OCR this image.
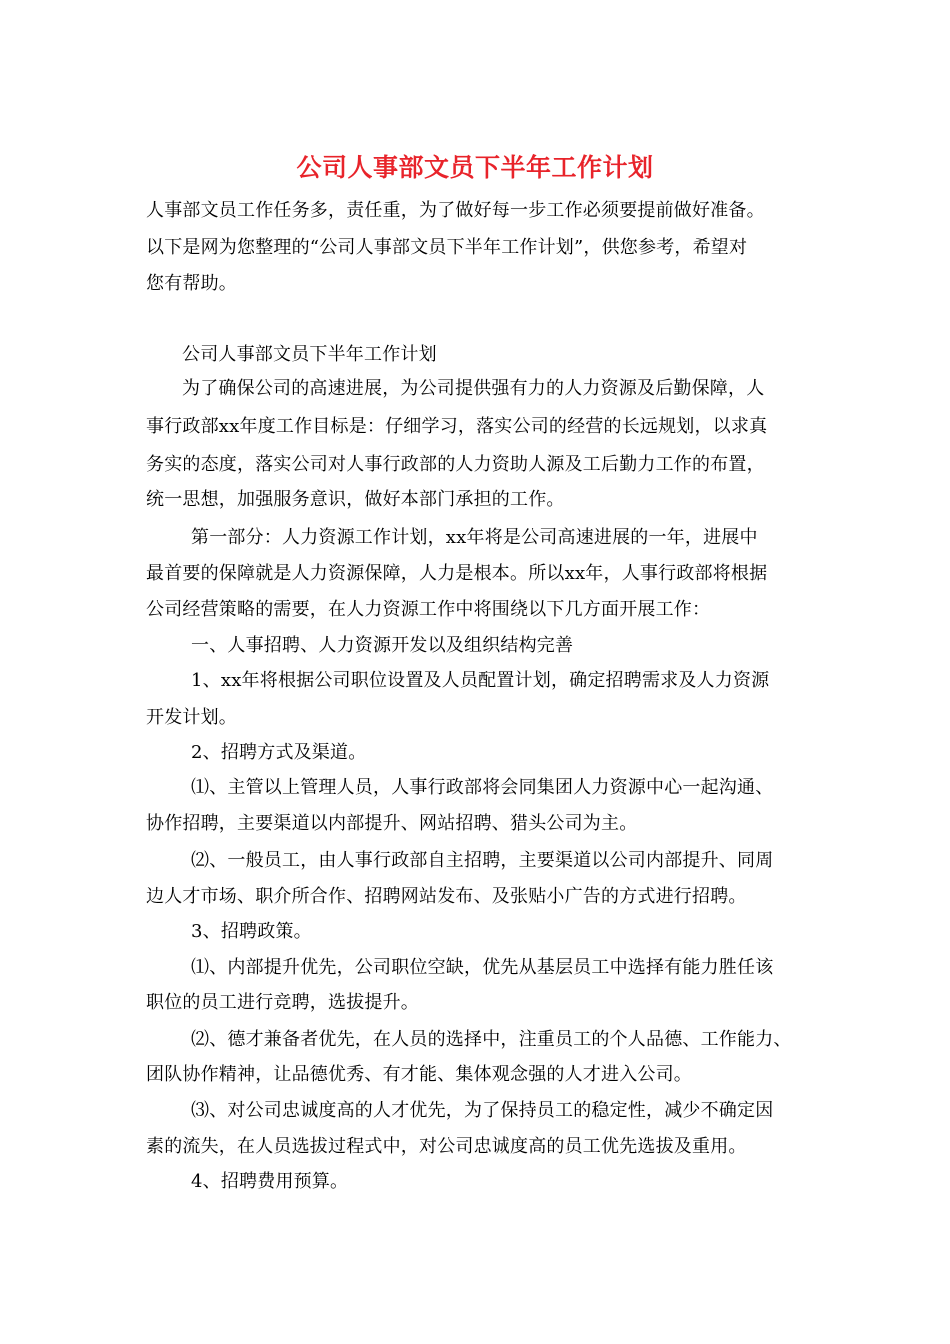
公司人事部文员下半年工作计划
人事部文员工作任务多，责任重，为了做好每一步工作必须要提前做好准备。
以下是网为您整理的“公司人事部文员下半年工作计划”，供您参考，希望对
您有帮助。
公司人事部文员下半年工作计划
为了确保公司的高速进展，为公司提供强有力的人力资源及后勤保障，人
事行政部xx年度工作目标是：仔细学习，落实公司的经营的长远规划，以求真
务实的态度，落实公司对人事行政部的人力资助人源及工后勤力工作的布置，
统一思想，加强服务意识，做好本部门承担的工作。
第一部分：人力资源工作计划，xx年将是公司高速进展的一年，进展中
最首要的保障就是人力资源保障，人力是根本。所以xx年，人事行政部将根据
公司经营策略的需要，在人力资源工作中将围绕以下几方面开展工作：
一、人事招聘、人力资源开发以及组织结构完善
1、xx年将根据公司职位设置及人员配置计划，确定招聘需求及人力资源
开发计划。
2、招聘方式及渠道。
⑴、主管以上管理人员，人事行政部将会同集团人力资源中心一起沟通、
协作招聘，主要渠道以内部提升、网站招聘、猎头公司为主。
⑵、一般员工，由人事行政部自主招聘，主要渠道以公司内部提升、同周
边人才市场、职介所合作、招聘网站发布、及张贴小广告的方式进行招聘。
3、招聘政策。
⑴、内部提升优先，公司职位空缺，优先从基层员工中选择有能力胜任该
职位的员工进行竞聘，选拔提升。
⑵、德才兼备者优先，在人员的选择中，注重员工的个人品德、工作能力、
团队协作精神，让品德优秀、有才能、集体观念强的人才进入公司。
⑶、对公司忠诚度高的人才优先，为了保持员工的稳定性，减少不确定因
素的流失，在人员选拔过程式中，对公司忠诚度高的员工优先选拔及重用。
4、招聘费用预算。
